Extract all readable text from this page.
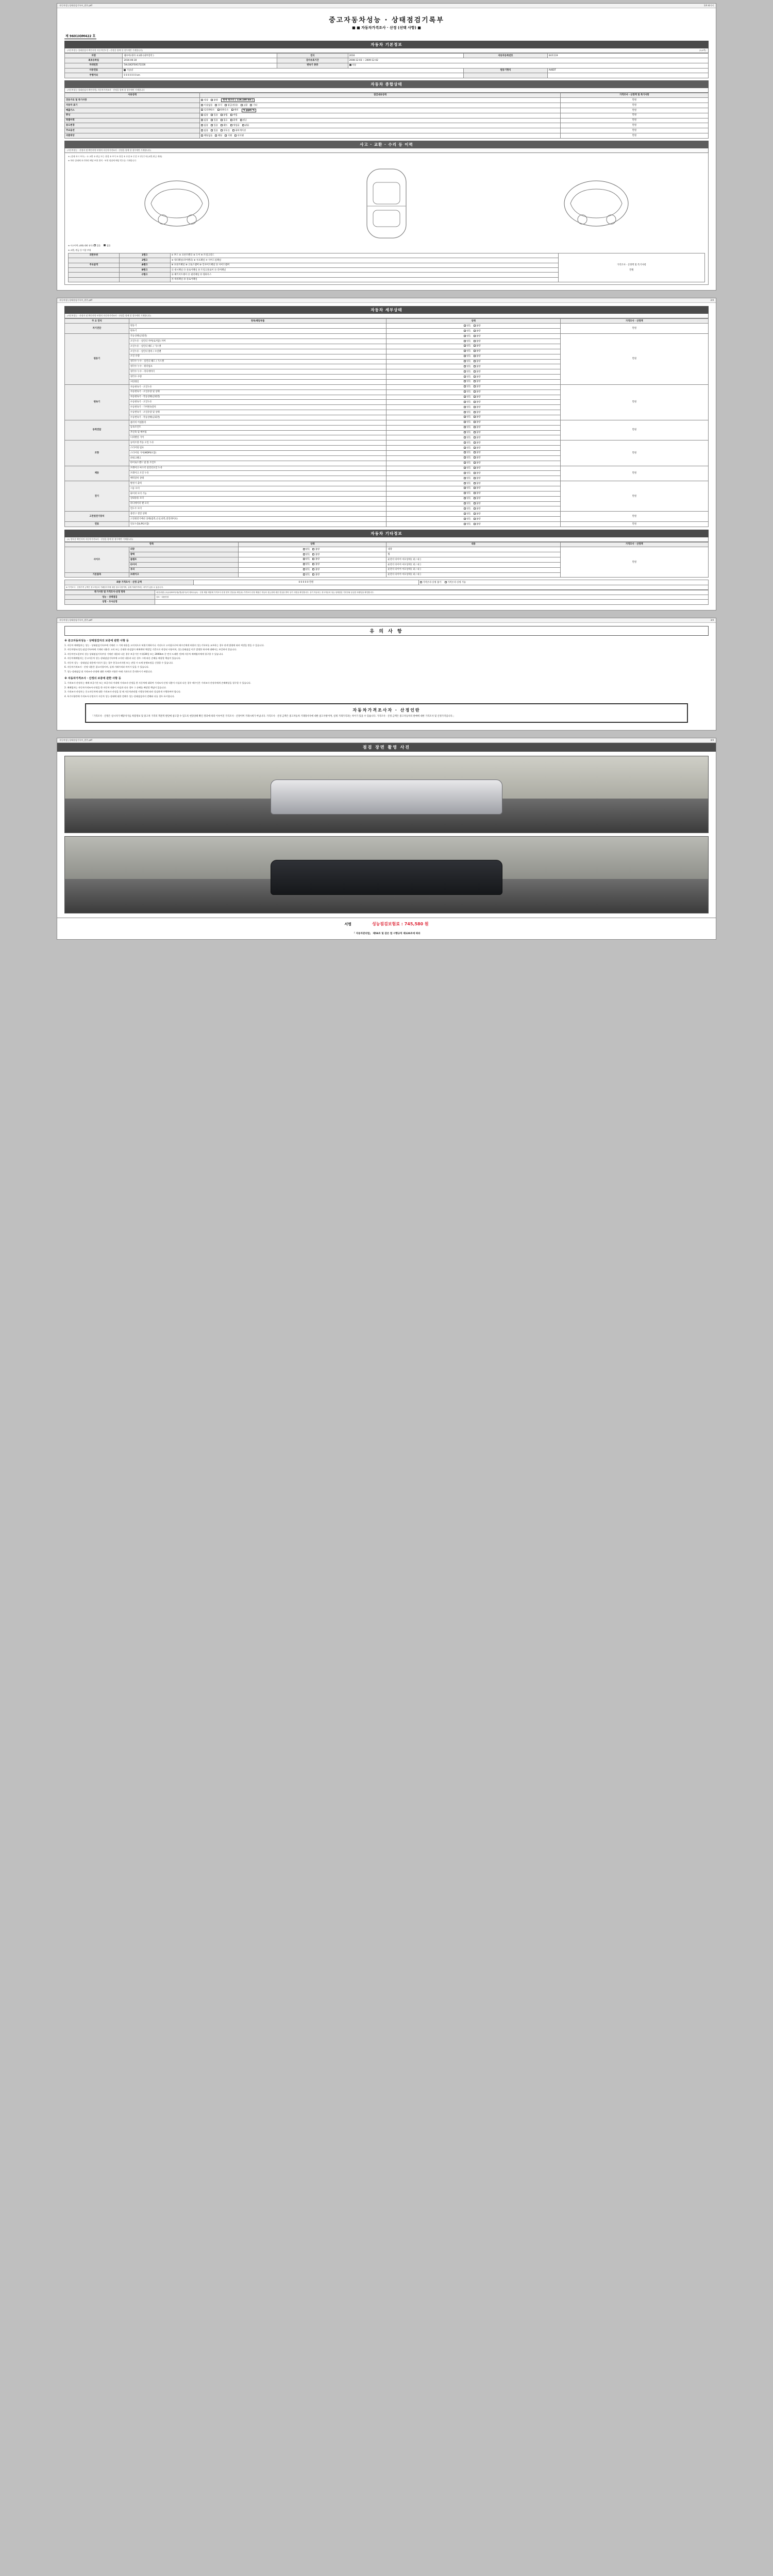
자동차성능상태점검기록부_원본.pdf	1/4 페이지
중고자동차성능 · 상태점검기록부
■ ■ 자동차가격조사 · 산정 (선택 사항) ■
제 9601IOM422 호
자동차 기본정보
(자동차성능·상태점검자 확인사항 자동차인도일 : 산정을 함께 할 경우에만 기재합니다)	(1/4쪽)
차명	쉐보아(대우) 4.4D (내부장착 )	연식	2016	자동차등록번호	04호119
최초등록일	2016-06-30	검사유효기간	2008-12-03 ~ 2009-12-02		
차대번호	5ALGK2FSXG72226	변속기 종류	자동		
사용연료	가솔린			원동기형식	A46DT
주행거리	0 0 0 0 0 0 km			　	　
자동차 종합상태
(자동차성능·상태점검자 확인사항) 자동차가격조사 · 산정을 함께 할 경우에만 기재합니다
사용상태	점검내용상태	가격조사 · 산정액 및 특기사항
전동거리 및 특기사항	정상 불량 현재 레코더 [ 119,180 km ]	만원
자동차 표기	이상없음 부식 판금(정상) 교환 기타	만원
배출가스	일산화탄소 탄화수소 매연 % ppm %	만원
튜닝	없음 있음 불법 적법	만원
특별이력	없음 있음 침수 화재 전손	만원
용도변경	없음 있음 렌트 영업용 관용	만원
주요옵션	없음 있음 선루프 내비게이션	만원
리콜대상	해당없음 해당 이행 미이행	만원
사고 · 교환 · 수리 등 이력
(자동차성능 · 산정자 및 확인사항 부위의 자동차가격조사 · 산정을 함께 할 경우에만 기재합니다)
※ (상태 표시 부호) : ① 교환 ② 판금 또는 용접 ③ 부식 ④ 흠집 ⑤ 요철 ⑥ 손상 ⑦ 단순수리(교환,판금 제외)
※ 하단 상태에 표기하면 해당 부위 위치 · 부위 명칭에 해당 번호를 기재합니다
※ 사고이력 (외판/내판 유무) 있음	없음
※ 교환, 판금 등 이상 부위
외판부위	1랭크	① 후드 ② 프론트펜더 ③ 도어 ④ 트렁크리드	가격조사 · 산정액 및 특기사항

만원
	2랭크	⑤ 쿼터패널(리어펜더) ⑥ 루프패널 ⑦ 사이드실패널	
주요골격	A랭크	⑧ 프론트패널 ⑨ 크로스멤버 ⑩ 인사이드패널 ⑪ 사이드멤버	
	B랭크	⑫ 대시패널 ⑬ 플로어패널 ⑭ 트렁크플로어 ⑮ 리어패널	
	C랭크	⑯ 패키지트레이 ⑰ 필러패널 ⑱ 휠하우스	
		⑲ 데쉬패널 ⑳ 플로어패널	
자동차성능상태점검기록부_원본.pdf	2/4
자동차 세부상태
(자동차성능 · 산정자 및 확인사항 부위의 자동차가격조사 · 산정을 함께 할 경우에만 기재합니다)
주 요 장치	항목/해당부품	상태	가격조사 · 산정액
자기진단	원동기	양호 불량	만원
	변속기	양호 불량	
원동기	작동상태(공회전)	양호 불량	만원
	오일누유 - 실린더 커버(로커암) 커버	양호 불량	
	오일누유 - 실린더 헤드 / 가스켓	양호 불량	
	오일누유 - 실린더 블록 / 오일팬	양호 불량	
	오일 유량	양호 불량	
	냉각수 누수 - 실린더 헤드 / 가스켓	양호 불량	
	냉각수 누수 - 워터펌프	양호 불량	
	냉각수 누수 - 라디에이터	양호 불량	
	냉각수 수량	양호 불량	
	커먼레일	양호 불량	
변속기	자동변속기 - 오일누유	양호 불량	만원
	자동변속기 - 오일유량 및 상태	양호 불량	
	자동변속기 - 작동상태(공회전)	양호 불량	
	수동변속기 - 오일누유	양호 불량	
	수동변속기 - 기어변속장치	양호 불량	
	수동변속기 - 오일유량 및 상태	양호 불량	
	수동변속기 - 작동상태(공회전)	양호 불량	
동력전달	클러치 어셈블리	양호 불량	만원
	등속조인트	양호 불량	
	추진축 및 베어링	양호 불량	
	디퍼렌셜 기어	양호 불량	
조향	동력조향 작동 오일 누유	양호 불량	만원
	스티어링 펌프	양호 불량	
	스티어링 기어(MDPS포함)	양호 불량	
	파워크랭크	양호 불량	
	타이로드엔드 및 볼 조인트	양호 불량	
제동	브레이크 마스터 실린더오일 누유	양호 불량	만원
	브레이크 오일 누유	양호 불량	
	배력장치 상태	양호 불량	
전기	발전기 출력	양호 불량	만원
	시동 모터	양호 불량	
	와이퍼 모터 기능	양호 불량	
	실내송풍 모터	양호 불량	
	라디에이터 팬 모터	양호 불량	
	윈도우 모터	양호 불량	
고전원전기장치	충전구 절연 상태	양호 불량	만원
	고전원전기배선 상태(접촉,손상,피복,절연테이프)	양호 불량	
연료	연료누출(LPG포함)	양호 불량	만원
자동차 기타정보
(1) 항목중 확인자의 자동차가격조사 · 산정을 함께 할 경우에만 기재합니다)
항목		상태	내용	가격조사 · 산정액
사이즈	외장	양호 불량	내장	만원
	광택	양호 불량	휠	
	룸램프	양호 불량	운전석 타이어 마모상태 [ 외 / 내 ]	
	타이어	양호 불량	운전석 타이어 마모상태 [ 외 / 내 ]	
	유리	양호 불량	운전석 타이어 마모상태 [ 외 / 내 ]	
기본품목	브레이크	양호 불량	운전석 타이어 마모상태 [ 외 / 내 ]	
최종 가격조사 · 산정 금액	0 0 0 0 0 만원	가격조사·산정 불가	가격조사·산정 가능
※ 가격조사 · 산정가격 금액은 중고자동차 거래당사자에 대한 참고사항이며, 실제 거래가격과는 차이가 있을 수 있습니다.
특기사항 및 가격조사·산정 항목	내진(대한) (1)(1)5557(대)(명)(당사)의 대표(1)(1) · 산정 제품 제품에 가격조사·산정 항목 전문(2) 확인(2) 가격조사·산정 제품은 자동차 성능상태 대한 현실을 받아 상기 사항을 확인합니다. 상기 자동차는 중고자동차 성능·상태점검 기록부와 동일한 차량임을 확인합니다.
성능 · 상태점검	상호 · 내용전결
성명 · 조사산정	
자동차성능상태점검기록부_원본.pdf	3/4
유 의 사 항
※ 중고자동차성능 · 상태점검자의 보증에 관한 사항 등

1. 자동차 매매업자는 성능 · 상태점검기록부에 기재된 그 기재 내용을 고의적으로 허위기재하거나 거짓으로 고지함으로써 매수인에게 허위의 성능기록부를 교부하는 경우 관계 법령에 따라 처벌을 받을 수 있습니다.

2. 자동차양도(성능점검기록부)에 기재된 내용은 고의 또는 중대한 과실없이 매매계약 체결일 기준으로 작성된 사항이며, 성능상태점검 이후 발생한 하자에 대해서는 보증하지 않습니다.

3. 자동차인도일부터 성능·상태점검기록부상 기재된 내용과 다른 경우 보증기간 이내(30일 또는 2000km 중 먼저 도래한 것)에 자동차 매매업자에게 청구할 수 있습니다.

4. 자동차매매업자는 중고자동차 성능·상태점검기록부에 고지된 내용과 다른 경우 그에 따른 손해를 배상할 책임이 있습니다.

5. 자동차 성능 · 상태점검 내용에 이의가 있는 경우 한국소비자원 또는 관할 시·도에 분쟁조정을 신청할 수 있습니다.

6. 자동차가격조사 · 산정 내용은 참고사항이며, 실제 거래가격과 차이가 있을 수 있습니다.

7. 성능·상태점검 및 가격조사·산정에 대한 자세한 사항은 아래 기관으로 문의하시기 바랍니다.

※ 자동차가격조사 · 산정의 보증에 관한 사항 등

1. 가격조사·산정자는 매매 보증기간 또는 보증거리 이내에 가격조사·산정을 한 자동차에 대하여 가격조사·산정 내용이 사실과 다른 경우 매수인은 가격조사·산정자에게 손해배상을 청구할 수 있습니다.

2. 매매업자는 자동차가격조사·산정을 한 자동차 내용이 사실과 다른 경우 그 손해를 배상할 책임이 있습니다.

3. 가격조사·산정자는 중고자동차에 대한 가격조사·산정을 할 때 자동차관리법 시행규칙에 따라 성실하게 수행하여야 합니다.

4. 특기사항란에 가격조사·산정자가 자동차 성능·상태에 대한 견해가 성능·상태점검자의 견해와 다를 경우 표시합니다.

자동차가격조사자 · 산정인란
「가격조사 · 산정은 실시자가 해당자가를 차량정보 및 중고차 가격의 객관적 판단에 참고할 수 있도록 현장상태 확인 결과에 따라 이루어진 가격조사 · 산정이며 거래시세가 아닙니다. 가격조사 · 산정 금액은 중고자동차 거래당사자에 대한 참고사항이며, 실제 거래가격과는 차이가 있을 수 있습니다. 가격조사 · 산정 금액은 중고자동차의 판매에 대한 가격조사 및 산정가격입니다.」
자동차성능상태점검기록부_원본.pdf	4/4
점검 장면 촬영 사진
서명	성능점검보험료 : 745,580 원
「 자동차관리법」 제58조 및 같은 법 시행규칙 제120조에 따라
